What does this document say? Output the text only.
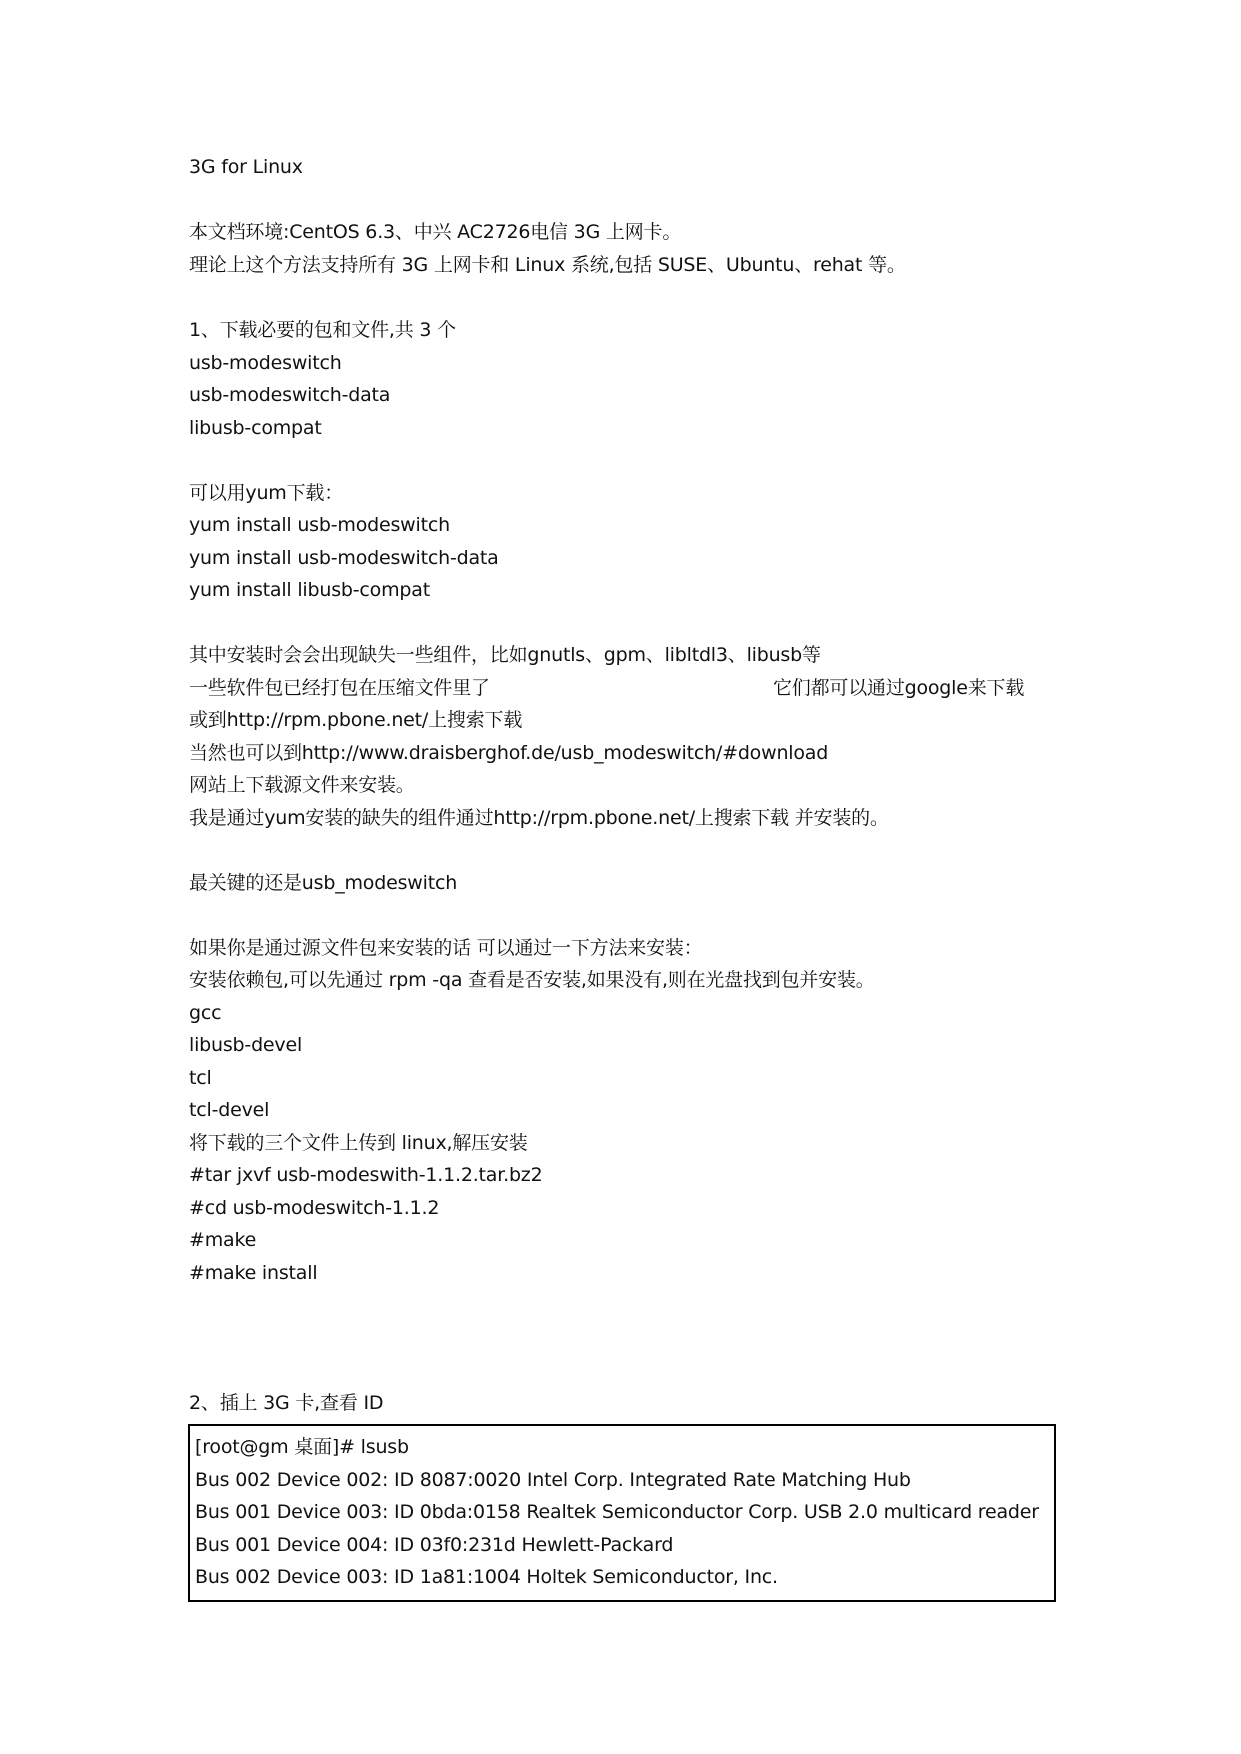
3G for Linux
本文档环境:CentOS 6.3、中兴 AC2726电信 3G 上网卡。
理论上这个方法支持所有 3G 上网卡和 Linux 系统,包括 SUSE、Ubuntu、rehat 等。
1、下载必要的包和文件,共 3 个
usb-modeswitch
usb-modeswitch-data
libusb-compat
可以用yum下载：
yum install usb-modeswitch
yum install usb-modeswitch-data
yum install libusb-compat
其中安装时会会出现缺失一些组件，比如gnutls、gpm、libltdl3、libusb等
一些软件包已经打包在压缩文件里了	它们都可以通过google来下载
或到http://rpm.pbone.net/上搜索下载
当然也可以到http://www.draisberghof.de/usb_modeswitch/#download
网站上下载源文件来安装。
我是通过yum安装的缺失的组件通过http://rpm.pbone.net/上搜索下载 并安装的。
最关键的还是usb_modeswitch
如果你是通过源文件包来安装的话 可以通过一下方法来安装：
安装依赖包,可以先通过 rpm -qa 查看是否安装,如果没有,则在光盘找到包并安装。
gcc
libusb-devel
tcl
tcl-devel
将下载的三个文件上传到 linux,解压安装
#tar jxvf usb-modeswith-1.1.2.tar.bz2
#cd usb-modeswitch-1.1.2
#make
#make install
2、插上 3G 卡,查看 ID
[root@gm 桌面]# lsusb
Bus 002 Device 002: ID 8087:0020 Intel Corp. Integrated Rate Matching Hub
Bus 001 Device 003: ID 0bda:0158 Realtek Semiconductor Corp. USB 2.0 multicard reader
Bus 001 Device 004: ID 03f0:231d Hewlett-Packard
Bus 002 Device 003: ID 1a81:1004 Holtek Semiconductor, Inc.
